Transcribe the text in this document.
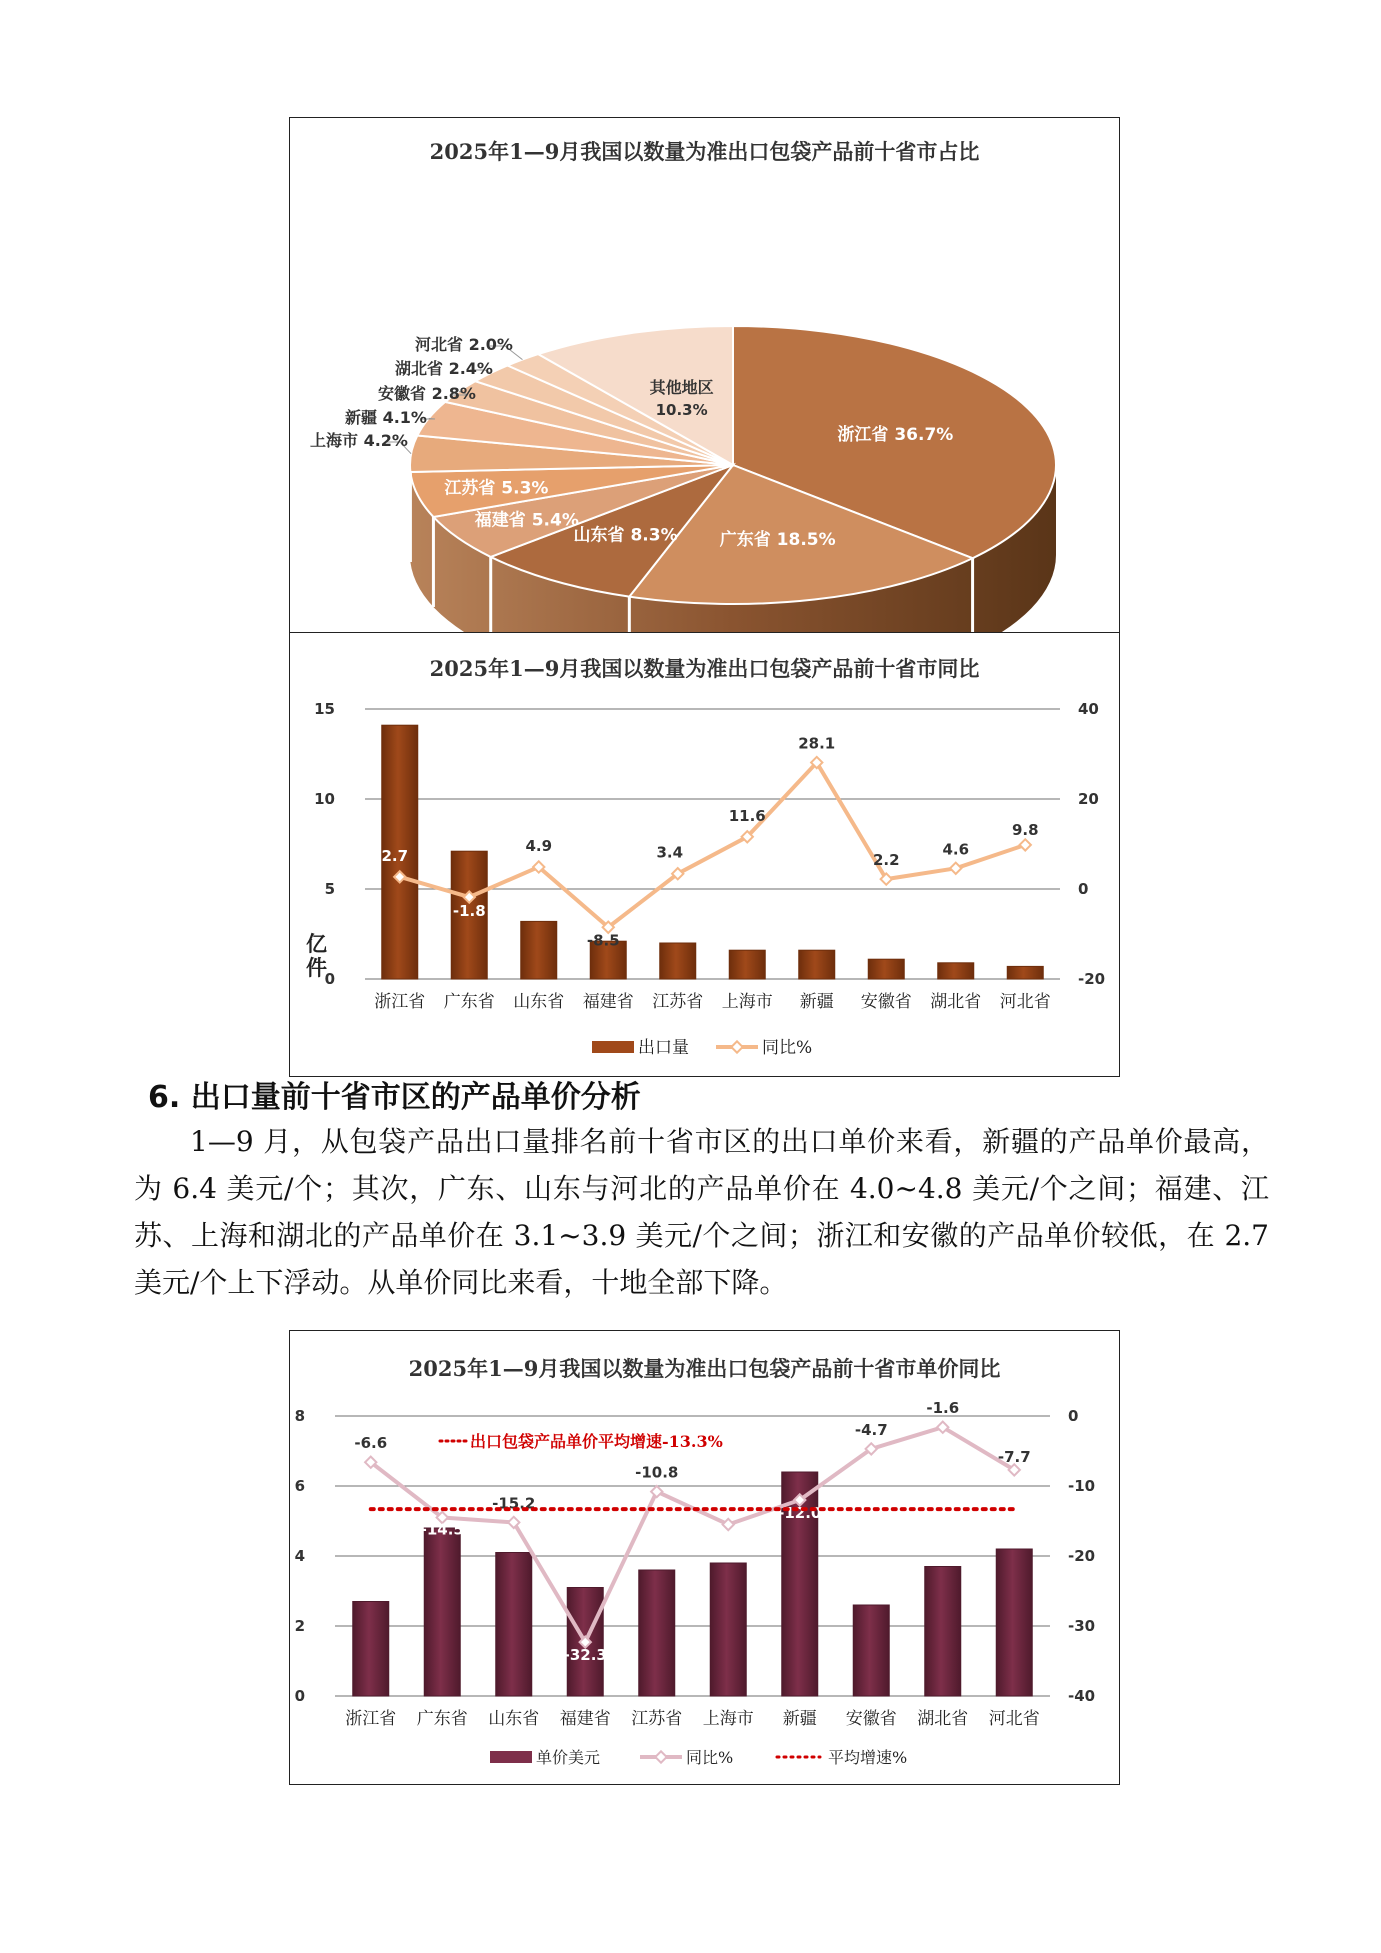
2025年1—9月我国以数量为准出口包袋产品前十省市占比
浙江省 36.7%
广东省 18.5%
山东省 8.3%
福建省 5.4%
江苏省 5.3%
上海市 4.2%
新疆 4.1%
安徽省 2.8%
湖北省 2.4%
河北省 2.0%
其他地区
10.3%
2025年1—9月我国以数量为准出口包袋产品前十省市同比
0
5
10
15
-20
0
20
40
浙江省 广东省 山东省 福建省 江苏省 上海市 新疆 安徽省 湖北省 河北省
2.7
-1.8
4.9
-8.5
3.4
11.6
28.1
2.2
4.6
9.8
出口量	同比%
亿件
6. 出口量前十省市区的产品单价分析
1—9 月，从包袋产品出口量排名前十省市区的出口单价来看，新疆的产品单价最高，为 6.4 美元/个；其次，广东、山东与河北的产品单价在 4.0~4.8 美元/个之间；福建、江苏、上海和湖北的产品单价在 3.1~3.9 美元/个之间；浙江和安徽的产品单价较低，在 2.7 美元/个上下浮动。从单价同比来看，十地全部下降。
2025年1—9月我国以数量为准出口包袋产品前十省市单价同比
0
2
4
6
8
-40
-30
-20
-10
0
浙江省 广东省 山东省 福建省 江苏省 上海市 新疆 安徽省 湖北省 河北省
-6.6
-14.5
-15.2
-32.3
-10.8
-12.0
-4.7
-1.6
-7.7
出口包袋产品单价平均增速-13.3%
单价美元	同比%	平均增速%
